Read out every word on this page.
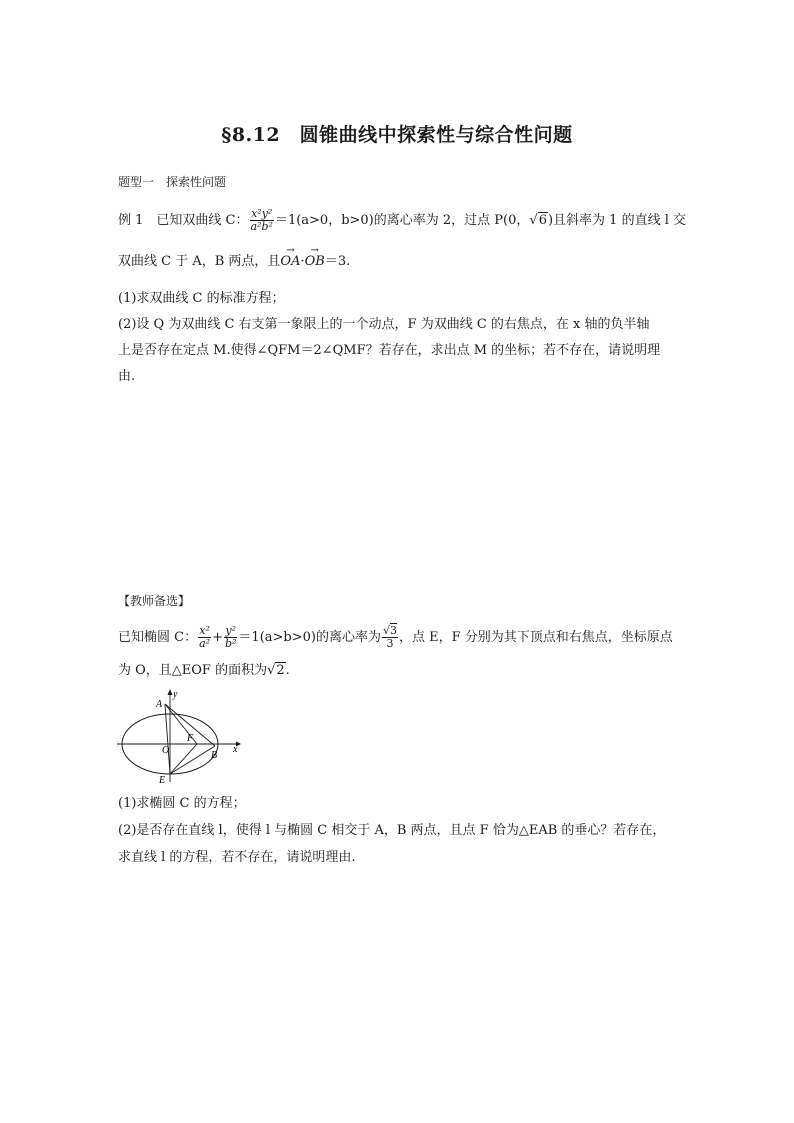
§8.12　圆锥曲线中探索性与综合性问题
题型一　探索性问题
例 1　 已知双曲线 C： $\frac{\text{x²y²}}{\text{a²b²}} =1(a>0$，b>0)的离心率为 2，过点 P(0，√6)且斜率为 1 的直线 l 交
双曲线 C 于 A，B 两点，且→ OA·→ OB＝3.
(1)求双曲线 C 的标准方程；
(2)设 Q 为双曲线 C 右支第一象限上的一个动点，F 为双曲线 C 的右焦点，在 x 轴的负半轴
上是否存在定点 M.使得∠QFM＝2∠QMF？若存在，求出点 M 的坐标；若不存在，请说明理
由.
【教师备选】
已知椭圆 C： $\frac{\text{x²}}{\text{a²}} + \frac{\text{y²}}{\text{b²}} =1(a>b>0)$的离心率为 $\frac{√3}{3}$ ，点 E，F 分别为其下顶点和右焦点，坐标原点
为 O，且△EOF 的面积为√2.
A
y
F
O	B
x
E
(1)求椭圆 C 的方程；
(2)是否存在直线 l，使得 l 与椭圆 C 相交于 A，B 两点，且点 F 恰为△EAB 的垂心？若存在，
求直线 l 的方程，若不存在，请说明理由.
